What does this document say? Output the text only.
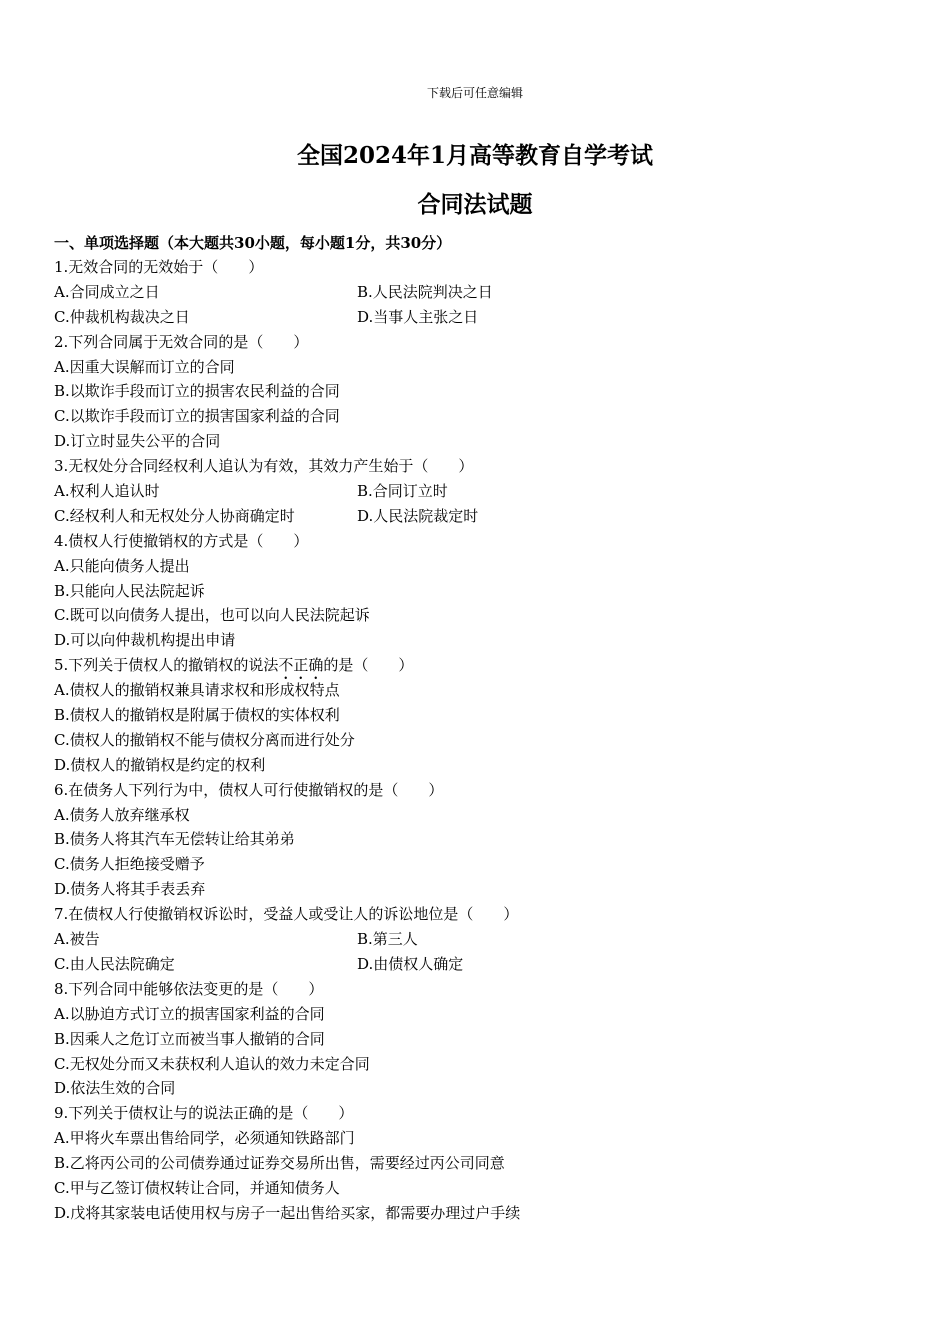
下载后可任意编辑
全国2024年1月高等教育自学考试
合同法试题
一、单项选择题（本大题共30小题，每小题1分，共30分）
1.无效合同的无效始于（　　）
A.合同成立之日	B.人民法院判决之日
C.仲裁机构裁决之日	D.当事人主张之日
2.下列合同属于无效合同的是（　　）
A.因重大误解而订立的合同
B.以欺诈手段而订立的损害农民利益的合同
C.以欺诈手段而订立的损害国家利益的合同
D.订立时显失公平的合同
3.无权处分合同经权利人追认为有效，其效力产生始于（　　）
A.权利人追认时	B.合同订立时
C.经权利人和无权处分人协商确定时	D.人民法院裁定时
4.债权人行使撤销权的方式是（　　）
A.只能向债务人提出
B.只能向人民法院起诉
C.既可以向债务人提出，也可以向人民法院起诉
D.可以向仲裁机构提出申请
5.下列关于债权人的撤销权的说法不正确的是（　　）
A.债权人的撤销权兼具请求权和形成权特点
B.债权人的撤销权是附属于债权的实体权利
C.债权人的撤销权不能与债权分离而进行处分
D.债权人的撤销权是约定的权利
6.在债务人下列行为中，债权人可行使撤销权的是（　　）
A.债务人放弃继承权
B.债务人将其汽车无偿转让给其弟弟
C.债务人拒绝接受赠予
D.债务人将其手表丢弃
7.在债权人行使撤销权诉讼时，受益人或受让人的诉讼地位是（　　）
A.被告	B.第三人
C.由人民法院确定	D.由债权人确定
8.下列合同中能够依法变更的是（　　）
A.以胁迫方式订立的损害国家利益的合同
B.因乘人之危订立而被当事人撤销的合同
C.无权处分而又未获权利人追认的效力未定合同
D.依法生效的合同
9.下列关于债权让与的说法正确的是（　　）
A.甲将火车票出售给同学，必须通知铁路部门
B.乙将丙公司的公司债券通过证券交易所出售，需要经过丙公司同意
C.甲与乙签订债权转让合同，并通知债务人
D.戊将其家装电话使用权与房子一起出售给买家，都需要办理过户手续
